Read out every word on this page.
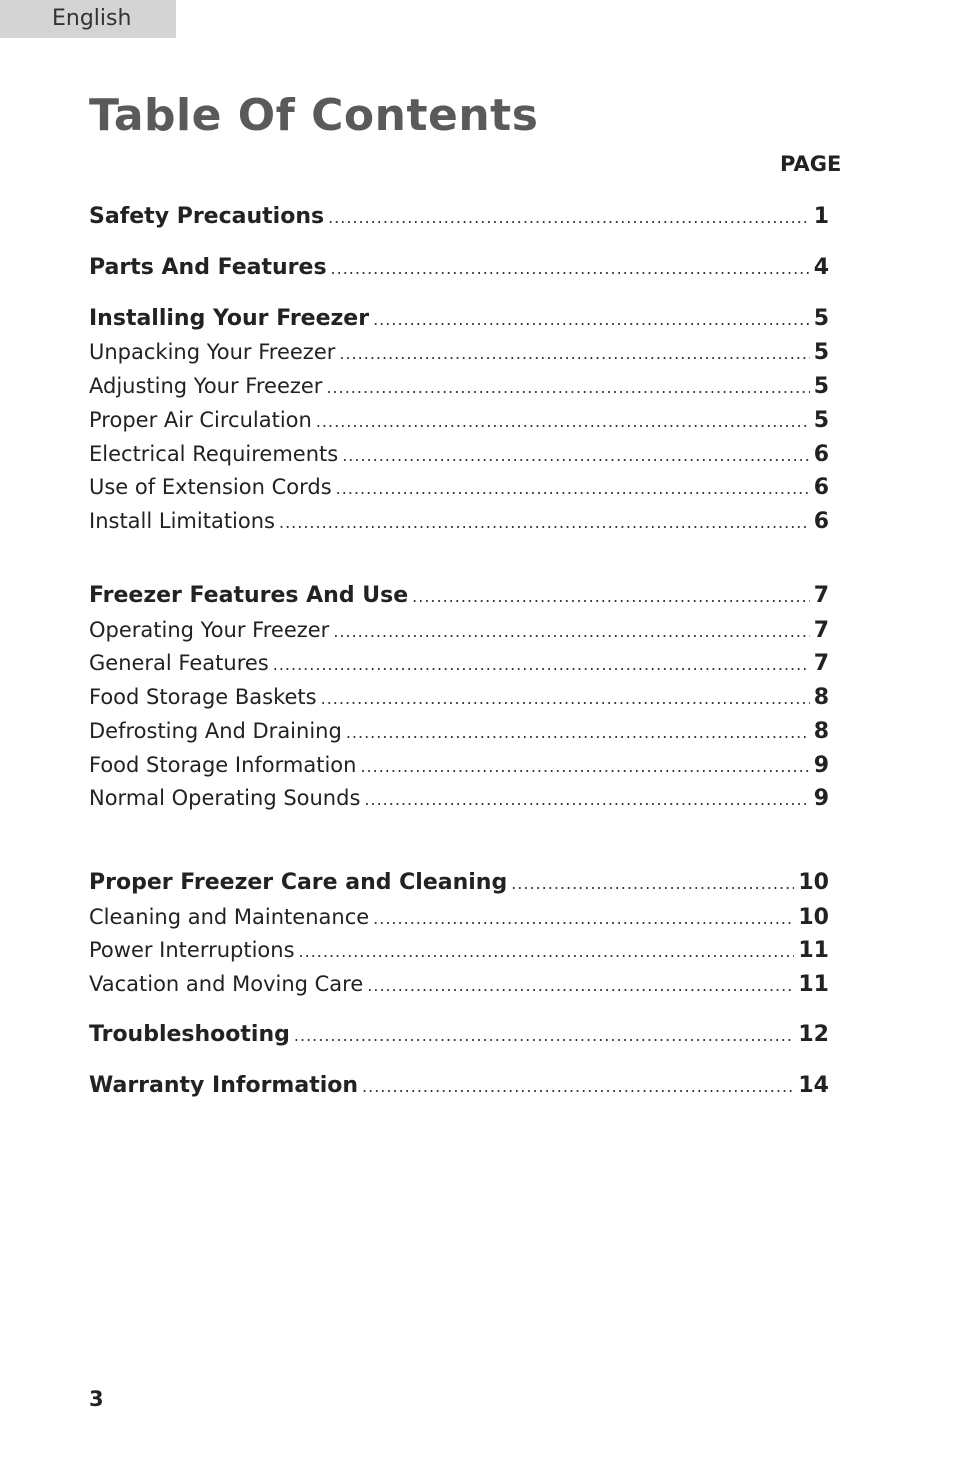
English
Table Of Contents
PAGE
Safety Precautions .....	1
Parts And Features .....	4
Installing Your Freezer .....	5
Unpacking Your Freezer .....	5
Adjusting Your Freezer .....	5
Proper Air Circulation .....	5
Electrical Requirements .....	6
Use of Extension Cords .....	6
Install Limitations .....	6
Freezer Features And Use .....	7
Operating Your Freezer .....	7
General Features .....	7
Food Storage Baskets .....	8
Defrosting And Draining .....	8
Food Storage Information .....	9
Normal Operating Sounds .....	9
Proper Freezer Care and Cleaning .....	10
Cleaning and Maintenance .....	10
Power Interruptions .....	11
Vacation and Moving Care .....	11
Troubleshooting .....	12
Warranty Information .....	14
3
